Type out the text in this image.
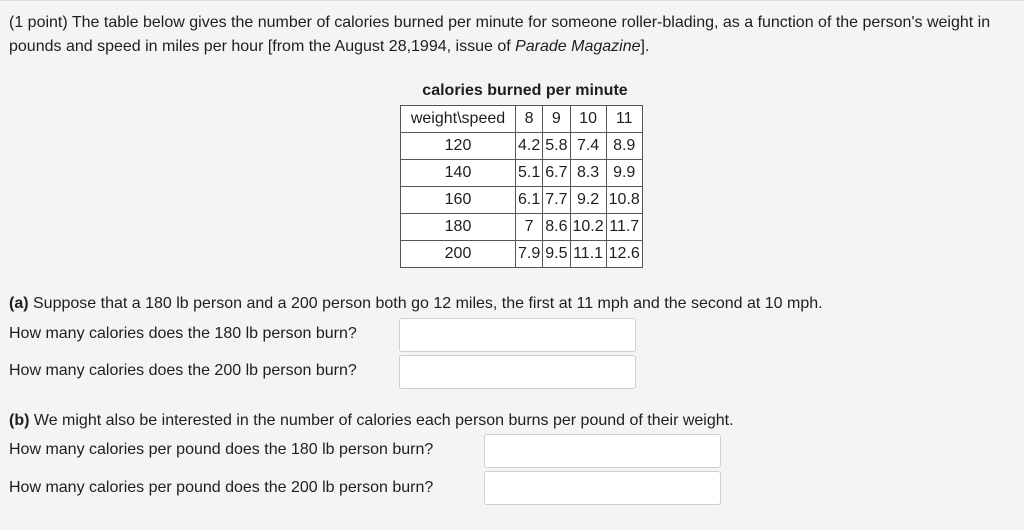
(1 point) The table below gives the number of calories burned per minute for someone roller-blading, as a function of the person's weight in pounds and speed in miles per hour [from the August 28,1994, issue of Parade Magazine].
calories burned per minute
weight\speed	8	9	10	11
120	4.2	5.8	7.4	8.9
140	5.1	6.7	8.3	9.9
160	6.1	7.7	9.2	10.8
180	7	8.6	10.2	11.7
200	7.9	9.5	11.1	12.6
(a) Suppose that a 180 lb person and a 200 person both go 12 miles, the first at 11 mph and the second at 10 mph.
How many calories does the 180 lb person burn?
How many calories does the 200 lb person burn?
(b) We might also be interested in the number of calories each person burns per pound of their weight.
How many calories per pound does the 180 lb person burn?
How many calories per pound does the 200 lb person burn?
